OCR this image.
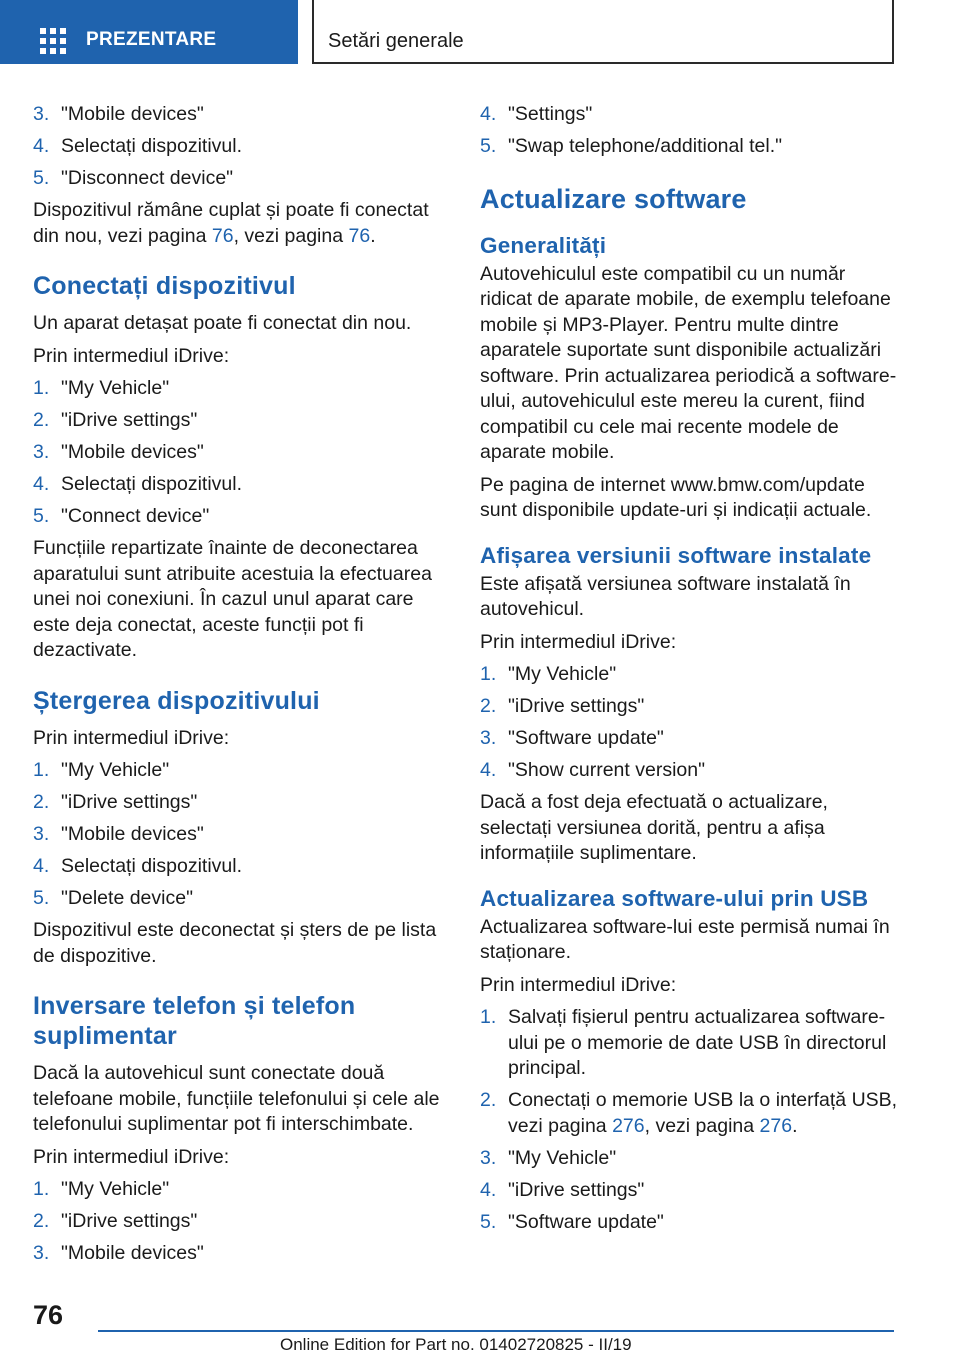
PREZENTARE	Setări generale
3. "Mobile devices"
4. Selectați dispozitivul.
5. "Disconnect device"

Dispozitivul rămâne cuplat și poate fi conectat din nou, vezi pagina 76, vezi pagina 76.

Conectați dispozitivul

Un aparat detașat poate fi conectat din nou.

Prin intermediul iDrive:

1. "My Vehicle"
2. "iDrive settings"
3. "Mobile devices"
4. Selectați dispozitivul.
5. "Connect device"

Funcțiile repartizate înainte de deconectarea aparatului sunt atribuite acestuia la efectuarea unei noi conexiuni. În cazul unul aparat care este deja conectat, aceste funcții pot fi dezactivate.

Ștergerea dispozitivului

Prin intermediul iDrive:

1. "My Vehicle"
2. "iDrive settings"
3. "Mobile devices"
4. Selectați dispozitivul.
5. "Delete device"

Dispozitivul este deconectat și șters de pe lista de dispozitive.

Inversare telefon și telefon suplimentar

Dacă la autovehicul sunt conectate două telefoane mobile, funcțiile telefonului și cele ale telefonului suplimentar pot fi interschimbate.

Prin intermediul iDrive:

1. "My Vehicle"
2. "iDrive settings"
3. "Mobile devices"
4. "Settings"
5. "Swap telephone/additional tel."
Actualizare software
Generalități

Autovehiculul este compatibil cu un număr ridicat de aparate mobile, de exemplu telefoane mobile și MP3-Player. Pentru multe dintre aparatele suportate sunt disponibile actualizări software. Prin actualizarea periodică a software-ului, autovehiculul este mereu la curent, fiind compatibil cu cele mai recente modele de aparate mobile.

Pe pagina de internet www.bmw.com/update sunt disponibile update-uri și indicații actuale.

Afișarea versiunii software instalate

Este afișată versiunea software instalată în autovehicul.

Prin intermediul iDrive:

1. "My Vehicle"
2. "iDrive settings"
3. "Software update"
4. "Show current version"

Dacă a fost deja efectuată o actualizare, selectați versiunea dorită, pentru a afișa informațiile suplimentare.

Actualizarea software-ului prin USB

Actualizarea software-lui este permisă numai în staționare.

Prin intermediul iDrive:

1. Salvați fișierul pentru actualizarea software-ului pe o memorie de date USB în directorul principal.
2. Conectați o memorie USB la o interfață USB, vezi pagina 276, vezi pagina 276.
3. "My Vehicle"
4. "iDrive settings"
5. "Software update"
76
Online Edition for Part no. 01402720825 - II/19
